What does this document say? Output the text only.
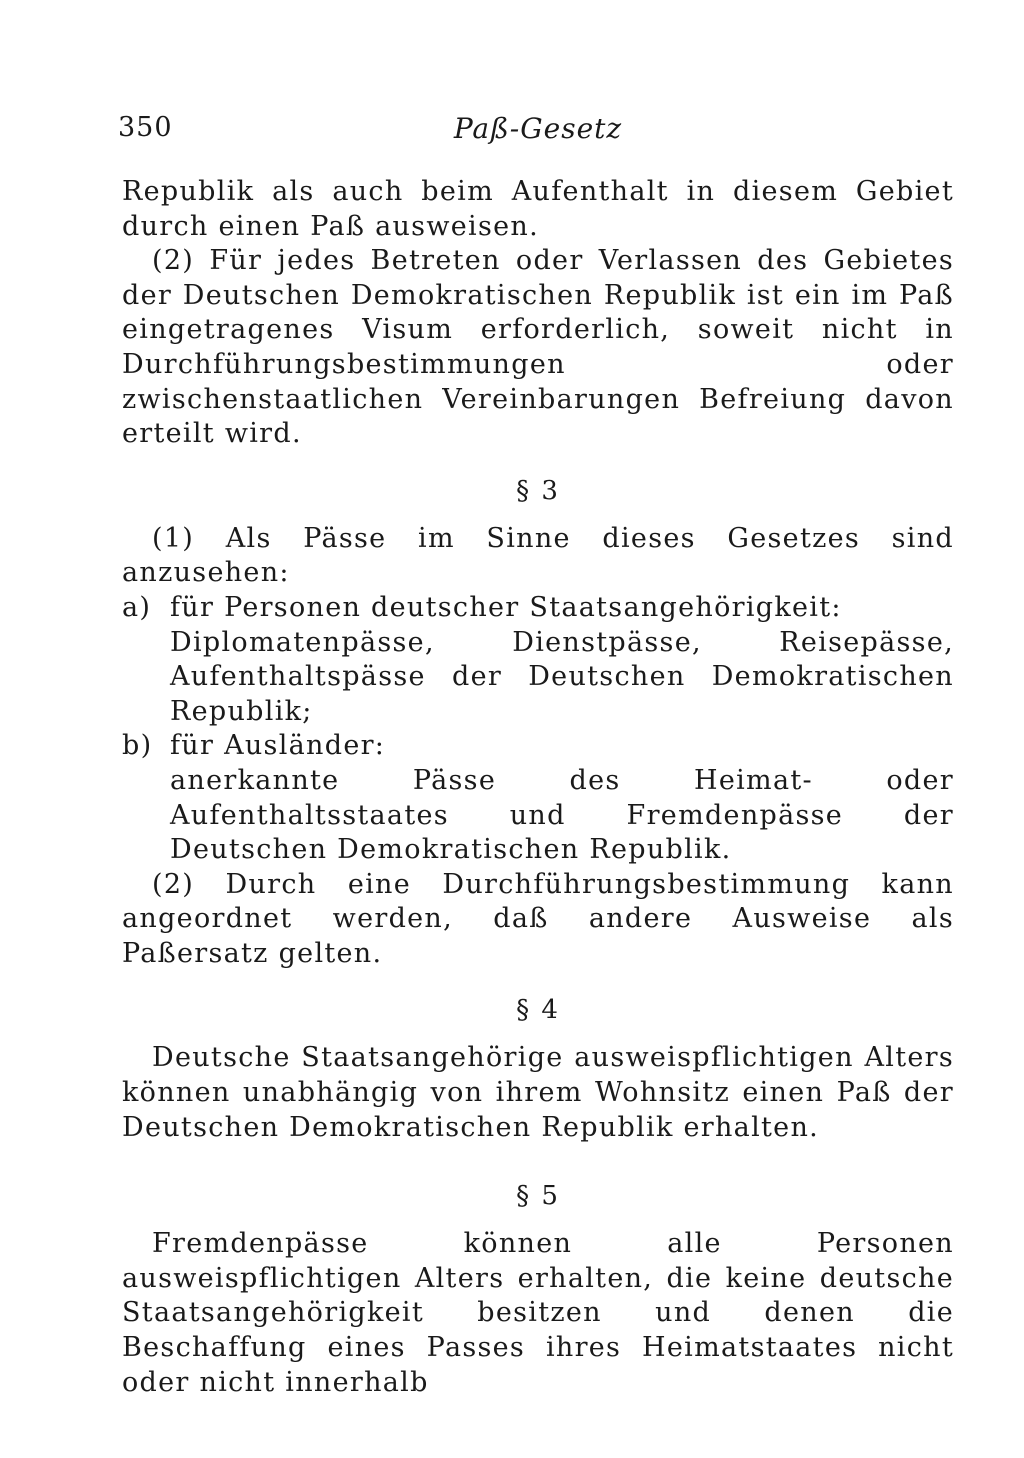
350	Paß-Gesetz

Republik als auch beim Aufenthalt in diesem Gebiet durch einen Paß ausweisen.

(2) Für jedes Betreten oder Verlassen des Gebietes der Deutschen Demokratischen Republik ist ein im Paß eingetragenes Visum erforderlich, soweit nicht in Durchführungsbestimmungen oder zwischenstaatlichen Vereinbarungen Befreiung davon erteilt wird.

§ 3

(1) Als Pässe im Sinne dieses Gesetzes sind anzusehen:

a) für Personen deutscher Staatsangehörigkeit:
Diplomatenpässe, Dienstpässe, Reisepässe, Aufenthaltspässe der Deutschen Demokratischen Republik;
b) für Ausländer:
anerkannte Pässe des Heimat- oder Aufenthaltsstaates und Fremdenpässe der Deutschen Demokratischen Republik.

(2) Durch eine Durchführungsbestimmung kann angeordnet werden, daß andere Ausweise als Paßersatz gelten.

§ 4

Deutsche Staatsangehörige ausweispflichtigen Alters können unabhängig von ihrem Wohnsitz einen Paß der Deutschen Demokratischen Republik erhalten.

§ 5

Fremdenpässe können alle Personen ausweispflichtigen Alters erhalten, die keine deutsche Staatsangehörigkeit besitzen und denen die Beschaffung eines Passes ihres Heimatstaates nicht oder nicht innerhalb
